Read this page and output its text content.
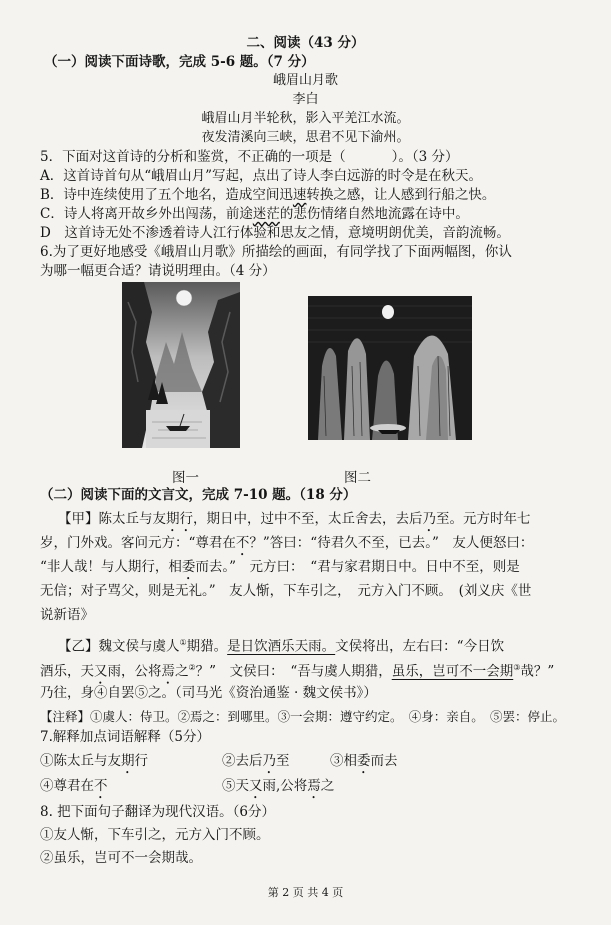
二、阅读（43 分）
（一）阅读下面诗歌，完成 5-6 题。（7 分）
峨眉山月歌
李白
峨眉山月半轮秋，影入平羌江水流。
夜发清溪向三峡，思君不见下渝州。
5．下面对这首诗的分析和鉴赏，不正确的一项是（	）。（3 分）
A．这首诗首句从“峨眉山月”写起，点出了诗人李白远游的时令是在秋天。
B．诗中连续使用了五个地名，造成空间迅速转换之感，让人感到行船之快。
C．诗人将离开故乡外出闯荡，前途迷茫的悲伤情绪自然地流露在诗中。
D　这首诗无处不渗透着诗人江行体验和思友之情，意境明朗优美，音韵流畅。
6.为了更好地感受《峨眉山月歌》所描绘的画面，有同学找了下面两幅图，你认
为哪一幅更合适？请说明理由。（4 分）
图一	图二
（二）阅读下面的文言文，完成 7-10 题。（18 分）
【甲】陈太丘与友期行，期日中，过中不至，太丘舍去，去后乃至。元方时年七
岁，门外戏。客问元方：“尊君在不？”答曰：“待君久不至，已去。”　友人便怒曰：
“非人哉！与人期行，相委而去。”　元方曰：　“君与家君期日中。日中不至，则是
无信；对子骂父，则是无礼。”　友人惭，下车引之，　元方入门不顾。　(刘义庆《世
说新语》
【乙】魏文侯与虞人①期猎。是日饮酒乐天雨。文侯将出，左右曰：“今日饮
酒乐，天又雨，公将焉之②？”　文侯曰：　“吾与虞人期猎，虽乐，岂可不一会期③哉？”
乃往，身④自罢⑤之。（司马光《资治通鉴 · 魏文侯书》）
【注释】①虞人：侍卫。②焉之：到哪里。③一会期：遵守约定。　④身：亲自。　⑤罢：停止。
7.解释加点词语解释（5分）
①陈太丘与友期行	②去后乃至	③相委而去
④尊君在不	⑤天又雨,公将焉之
8. 把下面句子翻译为现代汉语。（6分）
①友人惭，下车引之，元方入门不顾。
②虽乐，岂可不一会期哉。
第 2 页 共 4 页
